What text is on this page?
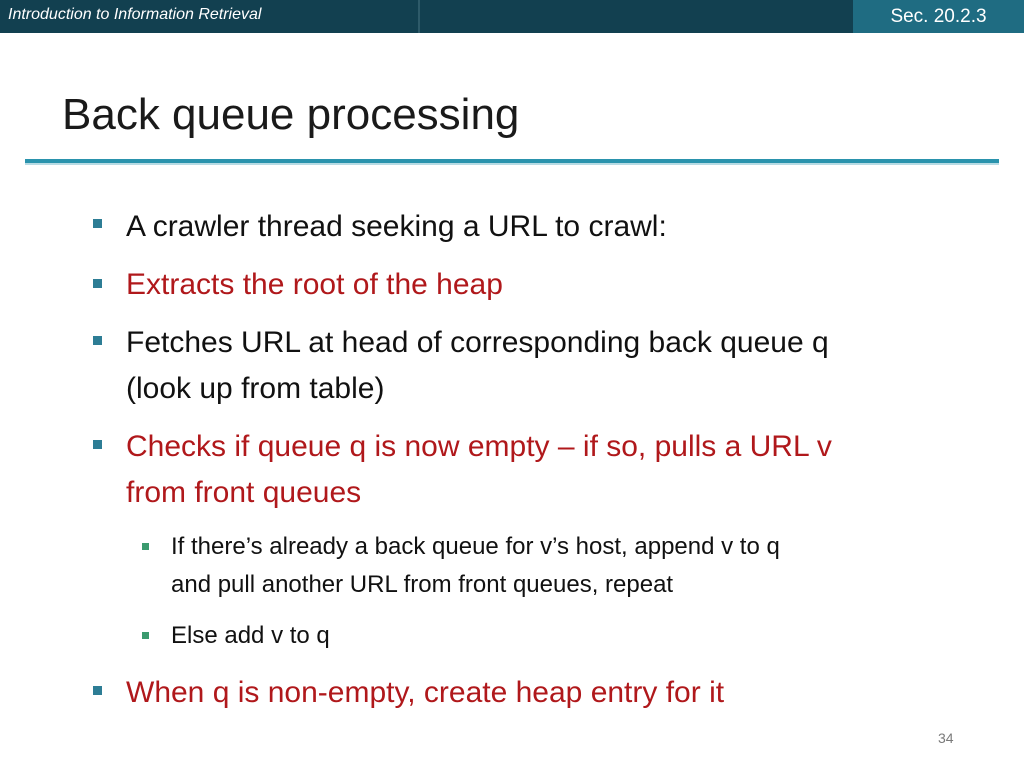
Introduction to Information Retrieval	Sec. 20.2.3
Back queue processing
A crawler thread seeking a URL to crawl:
Extracts the root of the heap
Fetches URL at head of corresponding back queue q
(look up from table)
Checks if queue q is now empty – if so, pulls a URL v
from front queues
If there’s already a back queue for v’s host, append v to q
and pull another URL from front queues, repeat
Else add v to q
When q is non-empty, create heap entry for it
34
